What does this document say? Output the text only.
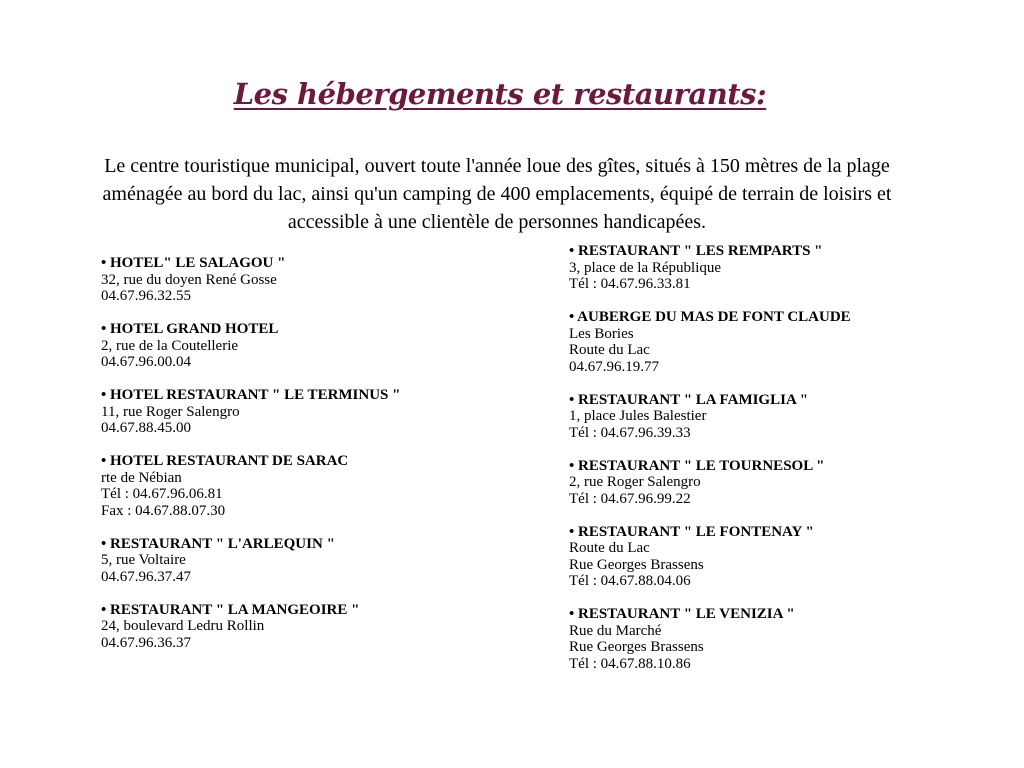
Les hébergements et restaurants:

Le centre touristique municipal, ouvert toute l'année loue des gîtes, situés à 150 mètres de la plage aménagée au bord du lac, ainsi qu'un camping de 400 emplacements, équipé de terrain de loisirs et accessible à une clientèle de personnes handicapées.

• HOTEL" LE SALAGOU "
32, rue du doyen René Gosse
04.67.96.32.55
• HOTEL GRAND HOTEL
2, rue de la Coutellerie
04.67.96.00.04
• HOTEL RESTAURANT " LE TERMINUS "
11, rue Roger Salengro
04.67.88.45.00
• HOTEL RESTAURANT DE SARAC
rte de Nébian
Tél : 04.67.96.06.81
Fax : 04.67.88.07.30
• RESTAURANT " L'ARLEQUIN "
5, rue Voltaire
04.67.96.37.47
• RESTAURANT " LA MANGEOIRE "
24, boulevard Ledru Rollin
04.67.96.36.37
• RESTAURANT " LES REMPARTS "
3, place de la République
Tél : 04.67.96.33.81
• AUBERGE DU MAS DE FONT CLAUDE
Les Bories
Route du Lac
04.67.96.19.77
• RESTAURANT " LA FAMIGLIA "
1, place Jules Balestier
Tél : 04.67.96.39.33
• RESTAURANT " LE TOURNESOL "
2, rue Roger Salengro
Tél : 04.67.96.99.22
• RESTAURANT " LE FONTENAY "
Route du Lac
Rue Georges Brassens
Tél : 04.67.88.04.06
• RESTAURANT " LE VENIZIA "
Rue du Marché
Rue Georges Brassens
Tél : 04.67.88.10.86
